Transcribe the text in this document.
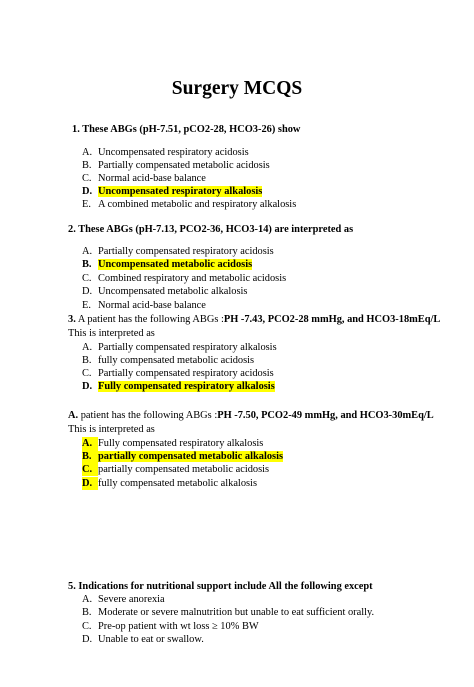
Surgery MCQS
1. These ABGs (pH-7.51, pCO2-28, HCO3-26) show
A. Uncompensated respiratory acidosis
B. Partially compensated metabolic acidosis
C. Normal acid-base balance
D. Uncompensated respiratory alkalosis
E. A combined metabolic and respiratory alkalosis
2. These ABGs (pH-7.13, PCO2-36, HCO3-14) are interpreted as
A. Partially compensated respiratory acidosis
B. Uncompensated metabolic acidosis
C. Combined respiratory and metabolic acidosis
D. Uncompensated metabolic alkalosis
E. Normal acid-base balance
3. A patient has the following ABGs :PH -7.43, PCO2-28 mmHg, and HCO3-18mEq/L
This is interpreted as
A. Partially compensated respiratory alkalosis
B. fully compensated metabolic acidosis
C. Partially compensated respiratory acidosis
D. Fully compensated respiratory alkalosis
A. patient has the following ABGs :PH -7.50, PCO2-49 mmHg, and HCO3-30mEq/L
This is interpreted as
A. Fully compensated respiratory alkalosis
B. partially compensated metabolic alkalosis
C. partially compensated metabolic acidosis
D. fully compensated metabolic alkalosis
5. Indications for nutritional support include All the following except
A. Severe anorexia
B. Moderate or severe malnutrition but unable to eat sufficient orally.
C. Pre-op patient with wt loss ≥ 10% BW
D. Unable to eat or swallow.
